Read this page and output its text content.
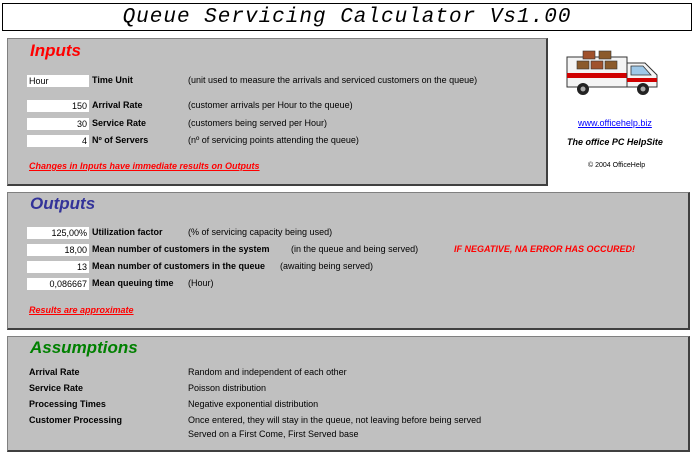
Queue Servicing Calculator Vs1.00
Inputs
Hour	Time Unit	(unit used to measure the arrivals and serviced customers on the queue)
150 Arrival Rate	(customer arrivals per Hour to the queue)
30 Service Rate	(customers being served per Hour)
4 Nº of Servers	(nº of servicing points attending the queue)
Changes in Inputs have immediate results on Outputs
www.officehelp.biz
The office PC HelpSite
© 2004 OfficeHelp
Outputs
125,00% Utilization factor	(% of servicing capacity being used)
18,00 Mean number of customers in the system (in the queue and being served)	IF NEGATIVE, NA ERROR HAS OCCURED!
13 Mean number of customers in the queue (awaiting being served)
0,086667 Mean queuing time (Hour)
Results are approximate
Assumptions
Arrival Rate	Random and independent of each other
Service Rate	Poisson distribution
Processing Times	Negative exponential distribution
Customer Processing	Once entered, they will stay in the queue, not leaving before being served
Served on a First Come, First Served base
